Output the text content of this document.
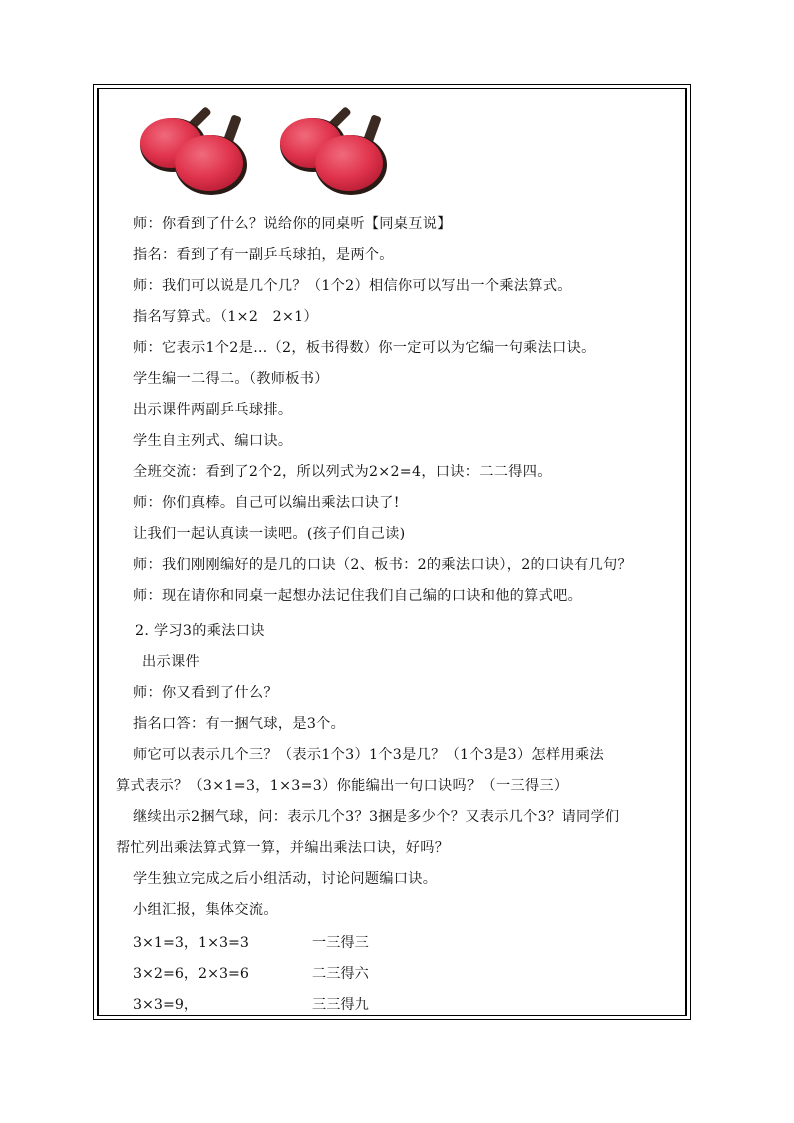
师：你看到了什么？说给你的同桌听【同桌互说】
指名：看到了有一副乒乓球拍，是两个。
师：我们可以说是几个几？（1个2）相信你可以写出一个乘法算式。
指名写算式。（1×2　2×1）
师：它表示1个2是…（2，板书得数）你一定可以为它编一句乘法口诀。
学生编一二得二。（教师板书）
出示课件两副乒乓球排。
学生自主列式、编口诀。
全班交流：看到了2个2，所以列式为2×2=4，口诀：二二得四。
师：你们真棒。自己可以编出乘法口诀了!
让我们一起认真读一读吧。(孩子们自己读)
师：我们刚刚编好的是几的口诀（2、板书：2的乘法口诀），2的口诀有几句？
师：现在请你和同桌一起想办法记住我们自己编的口诀和他的算式吧。
2. 学习3的乘法口诀
出示课件
师：你又看到了什么？
指名口答：有一捆气球，是3个。
师它可以表示几个三？（表示1个3）1个3是几？（1个3是3）怎样用乘法
算式表示？（3×1=3，1×3=3）你能编出一句口诀吗？（一三得三）
继续出示2捆气球，问：表示几个3？3捆是多少个？又表示几个3？请同学们
帮忙列出乘法算式算一算，并编出乘法口诀，好吗？
学生独立完成之后小组活动，讨论问题编口诀。
小组汇报，集体交流。
3×1=3，1×3=3	一三得三
3×2=6，2×3=6	二三得六
3×3=9，	三三得九
